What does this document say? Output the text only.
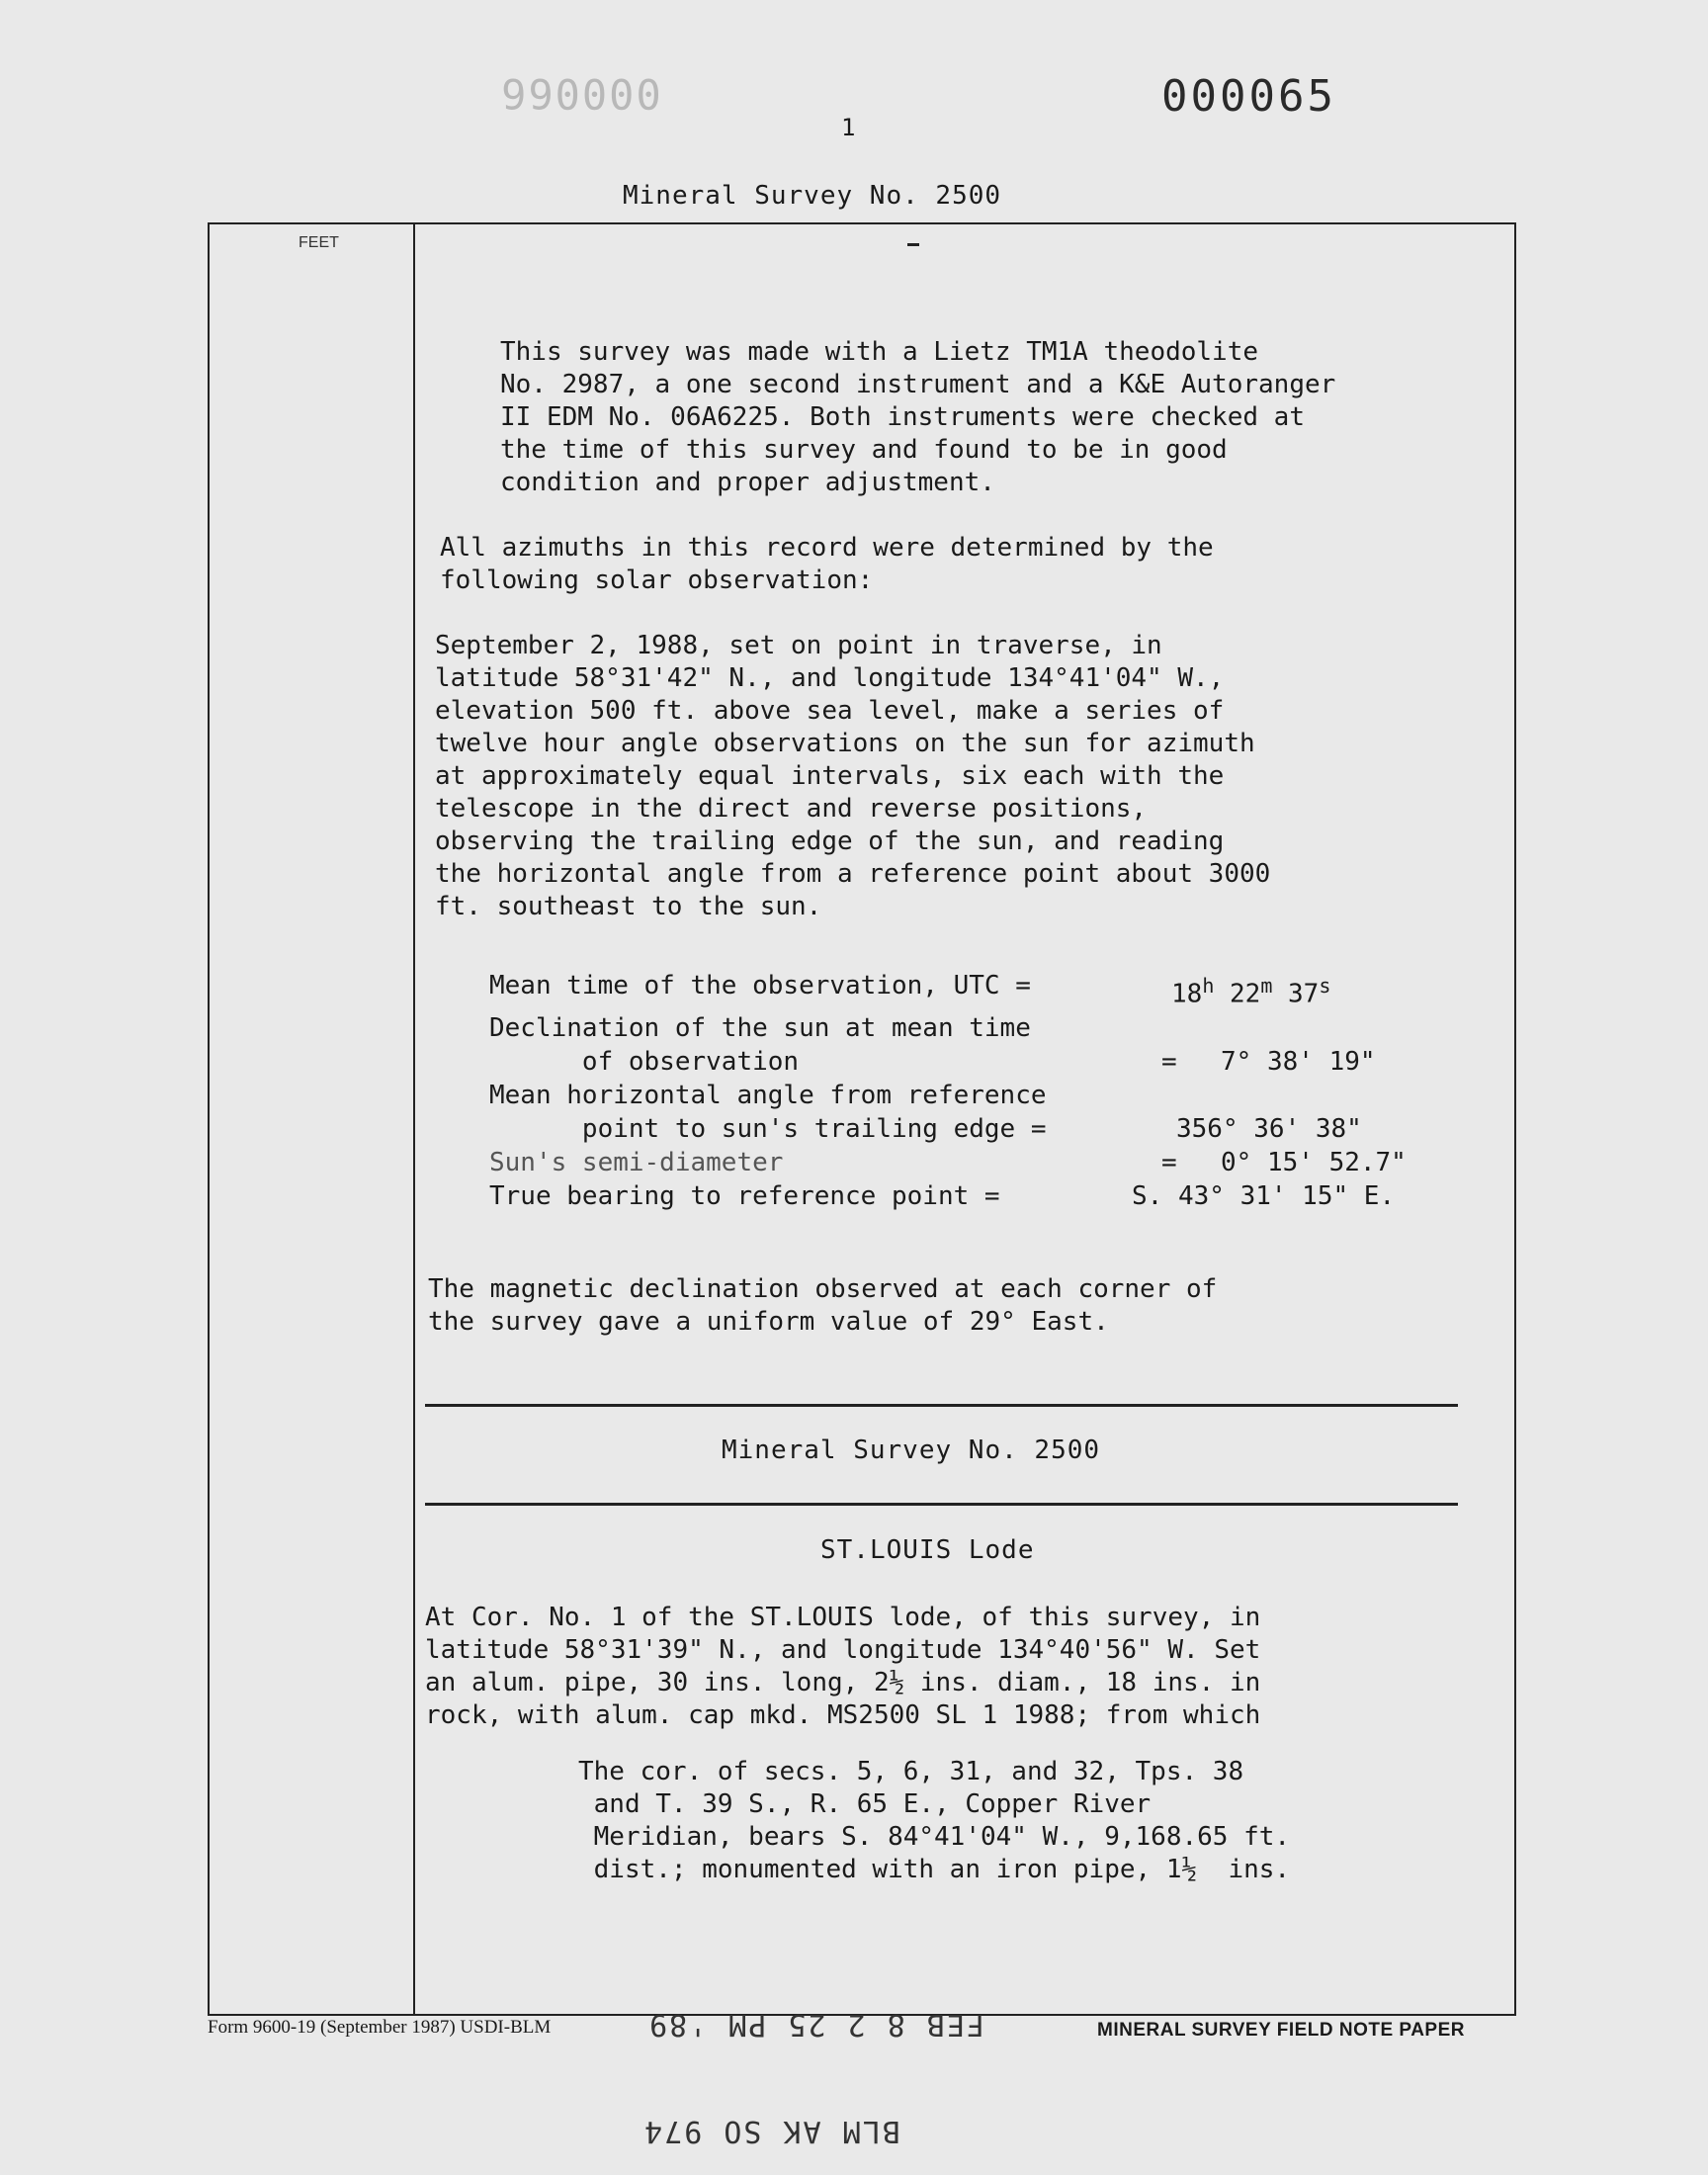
000066	000065
1
Mineral Survey No. 2500
FEET

This survey was made with a Lietz TM1A theodolite
No. 2987, a one second instrument and a K&E Autoranger
II EDM No. 06A6225. Both instruments were checked at
the time of this survey and found to be in good
condition and proper adjustment.

All azimuths in this record were determined by the
following solar observation:

September 2, 1988, set on point in traverse, in
latitude 58°31'42" N., and longitude 134°41'04" W.,
elevation 500 ft. above sea level, make a series of
twelve hour angle observations on the sun for azimuth
at approximately equal intervals, six each with the
telescope in the direct and reverse positions,
observing the trailing edge of the sun, and reading
the horizontal angle from a reference point about 3000
ft. southeast to the sun.

Mean time of the observation, UTC =	$18^h$ 22$^m$ 37$^s$
Declination of the sun at mean time
of observation	=	7° 38' 19"
Mean horizontal angle from reference
point to sun's trailing edge =	356° 36' 38"
Sun's semi-diameter	=	0° 15' 52.7"
True bearing to reference point =	S. 43° 31' 15" E.

The magnetic declination observed at each corner of
the survey gave a uniform value of 29° East.

Mineral Survey No. 2500
ST.LOUIS Lode

At Cor. No. 1 of the ST.LOUIS lode, of this survey, in
latitude 58°31'39" N., and longitude 134°40'56" W. Set
an alum. pipe, 30 ins. long, 2½ ins. diam., 18 ins. in
rock, with alum. cap mkd. MS2500 SL 1 1988; from which

The cor. of secs. 5, 6, 31, and 32, Tps. 38
and T. 39 S., R. 65 E., Copper River
Meridian, bears S. 84°41'04" W., 9,168.65 ft.
dist.; monumented with an iron pipe, 1½  ins.

Form 9600-19 (September 1987) USDI-BLM	FEB 8 2 25 PM '89	MINERAL SURVEY FIELD NOTE PAPER
BLM AK SO 974
